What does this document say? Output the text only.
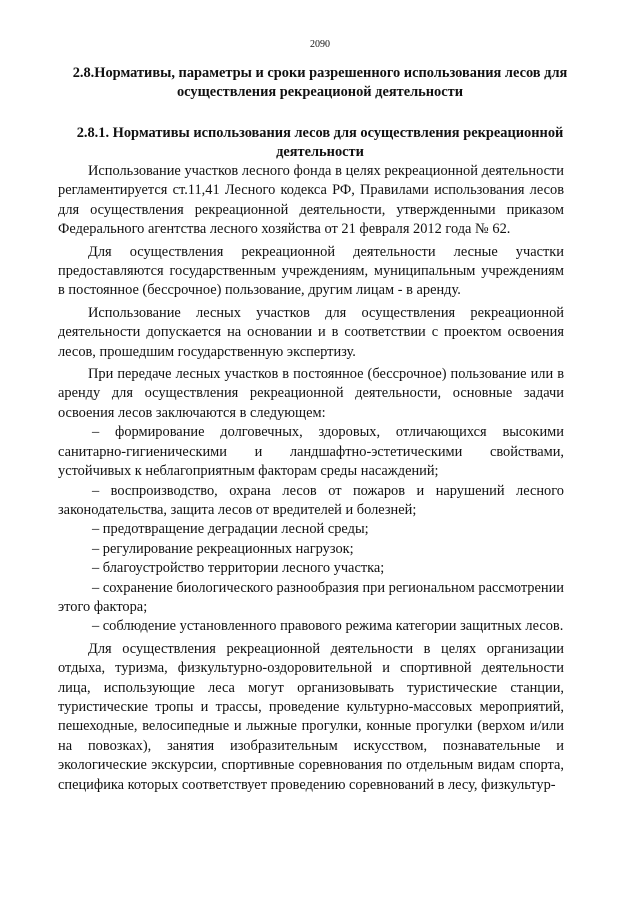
2090
2.8.Нормативы, параметры и сроки разрешенного использования лесов для осуществления рекреационой деятельности
2.8.1. Нормативы использования лесов для осуществления рекреационной деятельности

Использование участков лесного фонда в целях рекреационной деятельности регламентируется ст.11,41 Лесного кодекса РФ, Правилами использования лесов для осуществления рекреационной деятельности, утвержденными приказом Федерального агентства лесного хозяйства от 21 февраля 2012 года № 62.

Для осуществления рекреационной деятельности лесные участки предоставляются государственным учреждениям, муниципальным учреждениям в постоянное (бессрочное) пользование, другим лицам - в аренду.

Использование лесных участков для осуществления рекреационной деятельности допускается на основании и в соответствии с проектом освоения лесов, прошедшим государственную экспертизу.

При передаче лесных участков в постоянное (бессрочное) пользование или в аренду для осуществления рекреационной деятельности, основные задачи освоения лесов заключаются в следующем:

– формирование долговечных, здоровых, отличающихся высокими санитарно-гигиеническими и ландшафтно-эстетическими свойствами, устойчивых к неблагоприятным факторам среды насаждений;

– воспроизводство, охрана лесов от пожаров и нарушений лесного законодательства, защита лесов от вредителей и болезней;

– предотвращение деградации лесной среды;

– регулирование рекреационных нагрузок;

– благоустройство территории лесного участка;

– сохранение биологического разнообразия при региональном рассмотрении этого фактора;

– соблюдение установленного правового режима категории защитных лесов.

Для осуществления рекреационной деятельности в целях организации отдыха, туризма, физкультурно-оздоровительной и спортивной деятельности лица, использующие леса могут организовывать туристические станции, туристические тропы и трассы, проведение культурно-массовых мероприятий, пешеходные, велосипедные и лыжные прогулки, конные прогулки (верхом и/или на повозках), занятия изобразительным искусством, познавательные и экологические экскурсии, спортивные соревнования по отдельным видам спорта, специфика которых соответствует проведению соревнований в лесу, физкультур-
